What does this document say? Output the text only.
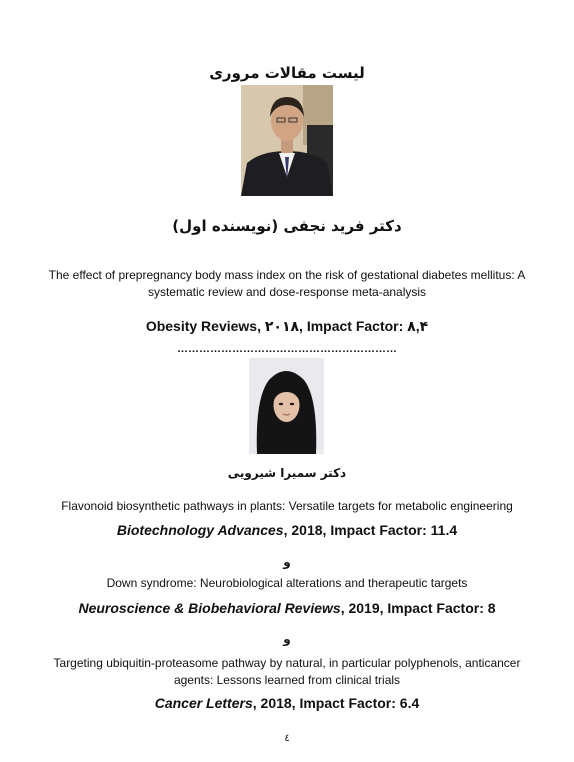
لیست مقالات مروری
دکتر فرید نجفی (نویسنده اول)
The effect of prepregnancy body mass index on the risk of gestational diabetes mellitus: A systematic review and dose-response meta-analysis
Obesity Reviews, ۲۰۱۸, Impact Factor: ۸,۴
……………………………………………………
دکتر سمیرا شیرویی
Flavonoid biosynthetic pathways in plants: Versatile targets for metabolic engineering
Biotechnology Advances, 2018, Impact Factor: 11.4
و
Down syndrome: Neurobiological alterations and therapeutic targets
Neuroscience & Biobehavioral Reviews, 2019, Impact Factor: 8
و
Targeting ubiquitin-proteasome pathway by natural, in particular polyphenols, anticancer agents: Lessons learned from clinical trials
Cancer Letters, 2018, Impact Factor: 6.4
٤
